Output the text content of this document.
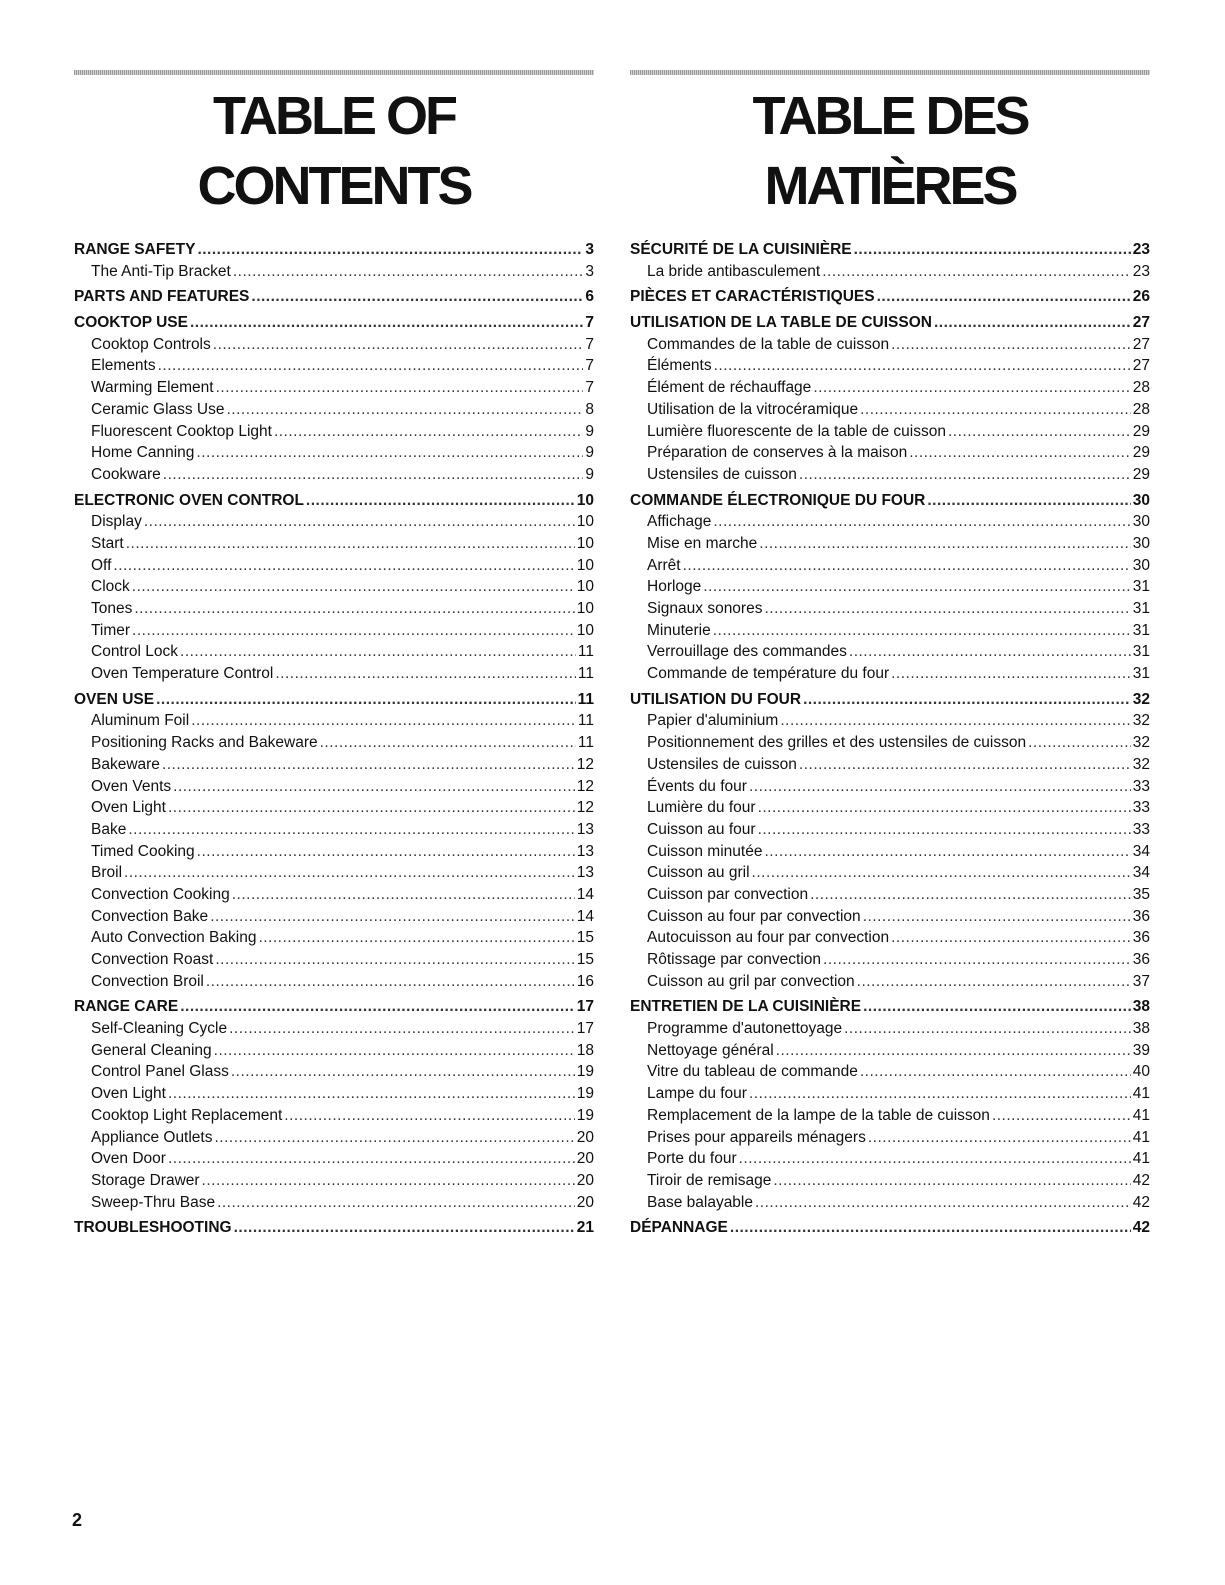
TABLE OF CONTENTS
RANGE SAFETY .....	3
The Anti-Tip Bracket .....	3
PARTS AND FEATURES .....	6
COOKTOP USE .....	7
Cooktop Controls .....	7
Elements .....	7
Warming Element .....	7
Ceramic Glass Use .....	8
Fluorescent Cooktop Light .....	9
Home Canning .....	9
Cookware .....	9
ELECTRONIC OVEN CONTROL .....	10
Display .....	10
Start .....	10
Off .....	10
Clock .....	10
Tones .....	10
Timer .....	10
Control Lock .....	11
Oven Temperature Control .....	11
OVEN USE .....	11
Aluminum Foil .....	11
Positioning Racks and Bakeware .....	11
Bakeware .....	12
Oven Vents .....	12
Oven Light .....	12
Bake .....	13
Timed Cooking .....	13
Broil .....	13
Convection Cooking .....	14
Convection Bake .....	14
Auto Convection Baking .....	15
Convection Roast .....	15
Convection Broil .....	16
RANGE CARE .....	17
Self-Cleaning Cycle .....	17
General Cleaning .....	18
Control Panel Glass .....	19
Oven Light .....	19
Cooktop Light Replacement .....	19
Appliance Outlets .....	20
Oven Door .....	20
Storage Drawer .....	20
Sweep-Thru Base .....	20
TROUBLESHOOTING .....	21
TABLE DES MATIÈRES
SÉCURITÉ DE LA CUISINIÈRE .....	23
La bride antibasculement .....	23
PIÈCES ET CARACTÉRISTIQUES .....	26
UTILISATION DE LA TABLE DE CUISSON .....	27
Commandes de la table de cuisson .....	27
Éléments .....	27
Élément de réchauffage .....	28
Utilisation de la vitrocéramique .....	28
Lumière fluorescente de la table de cuisson .....	29
Préparation de conserves à la maison .....	29
Ustensiles de cuisson .....	29
COMMANDE ÉLECTRONIQUE DU FOUR .....	30
Affichage .....	30
Mise en marche .....	30
Arrêt .....	30
Horloge .....	31
Signaux sonores .....	31
Minuterie .....	31
Verrouillage des commandes .....	31
Commande de température du four .....	31
UTILISATION DU FOUR .....	32
Papier d'aluminium .....	32
Positionnement des grilles et des ustensiles de cuisson .....	32
Ustensiles de cuisson .....	32
Évents du four .....	33
Lumière du four .....	33
Cuisson au four .....	33
Cuisson minutée .....	34
Cuisson au gril .....	34
Cuisson par convection .....	35
Cuisson au four par convection .....	36
Autocuisson au four par convection .....	36
Rôtissage par convection .....	36
Cuisson au gril par convection .....	37
ENTRETIEN DE LA CUISINIÈRE .....	38
Programme d'autonettoyage .....	38
Nettoyage général .....	39
Vitre du tableau de commande .....	40
Lampe du four .....	41
Remplacement de la lampe de la table de cuisson .....	41
Prises pour appareils ménagers .....	41
Porte du four .....	41
Tiroir de remisage .....	42
Base balayable .....	42
DÉPANNAGE .....	42
2
